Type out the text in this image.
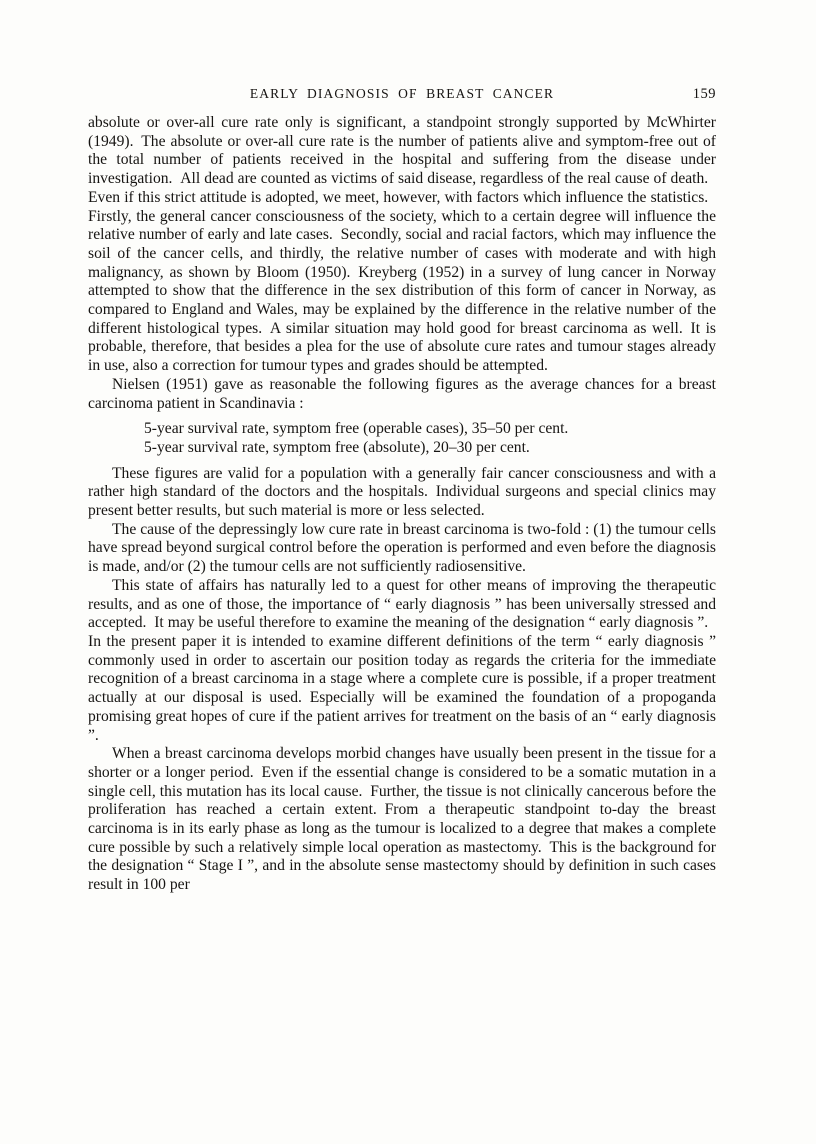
EARLY DIAGNOSIS OF BREAST CANCER	159

absolute or over-all cure rate only is significant, a standpoint strongly supported by McWhirter (1949). The absolute or over-all cure rate is the number of patients alive and symptom-free out of the total number of patients received in the hospital and suffering from the disease under investigation. All dead are counted as victims of said disease, regardless of the real cause of death. Even if this strict attitude is adopted, we meet, however, with factors which influence the statistics. Firstly, the general cancer consciousness of the society, which to a certain degree will influence the relative number of early and late cases. Secondly, social and racial factors, which may influence the soil of the cancer cells, and thirdly, the relative number of cases with moderate and with high malignancy, as shown by Bloom (1950). Kreyberg (1952) in a survey of lung cancer in Norway attempted to show that the difference in the sex distribution of this form of cancer in Norway, as compared to England and Wales, may be explained by the difference in the relative number of the different histological types. A similar situation may hold good for breast carcinoma as well. It is probable, therefore, that besides a plea for the use of absolute cure rates and tumour stages already in use, also a correction for tumour types and grades should be attempted.

Nielsen (1951) gave as reasonable the following figures as the average chances for a breast carcinoma patient in Scandinavia :

5-year survival rate, symptom free (operable cases), 35–50 per cent.
5-year survival rate, symptom free (absolute), 20–30 per cent.

These figures are valid for a population with a generally fair cancer consciousness and with a rather high standard of the doctors and the hospitals. Individual surgeons and special clinics may present better results, but such material is more or less selected.

The cause of the depressingly low cure rate in breast carcinoma is two-fold : (1) the tumour cells have spread beyond surgical control before the operation is performed and even before the diagnosis is made, and/or (2) the tumour cells are not sufficiently radiosensitive.

This state of affairs has naturally led to a quest for other means of improving the therapeutic results, and as one of those, the importance of “ early diagnosis ” has been universally stressed and accepted. It may be useful therefore to examine the meaning of the designation “ early diagnosis ”. In the present paper it is intended to examine different definitions of the term “ early diagnosis ” commonly used in order to ascertain our position today as regards the criteria for the immediate recognition of a breast carcinoma in a stage where a complete cure is possible, if a proper treatment actually at our disposal is used. Especially will be examined the foundation of a propoganda promising great hopes of cure if the patient arrives for treatment on the basis of an “ early diagnosis ”.

When a breast carcinoma develops morbid changes have usually been present in the tissue for a shorter or a longer period. Even if the essential change is considered to be a somatic mutation in a single cell, this mutation has its local cause. Further, the tissue is not clinically cancerous before the proliferation has reached a certain extent. From a therapeutic standpoint to-day the breast carcinoma is in its early phase as long as the tumour is localized to a degree that makes a complete cure possible by such a relatively simple local operation as mastectomy. This is the background for the designation “ Stage I ”, and in the absolute sense mastectomy should by definition in such cases result in 100 per
